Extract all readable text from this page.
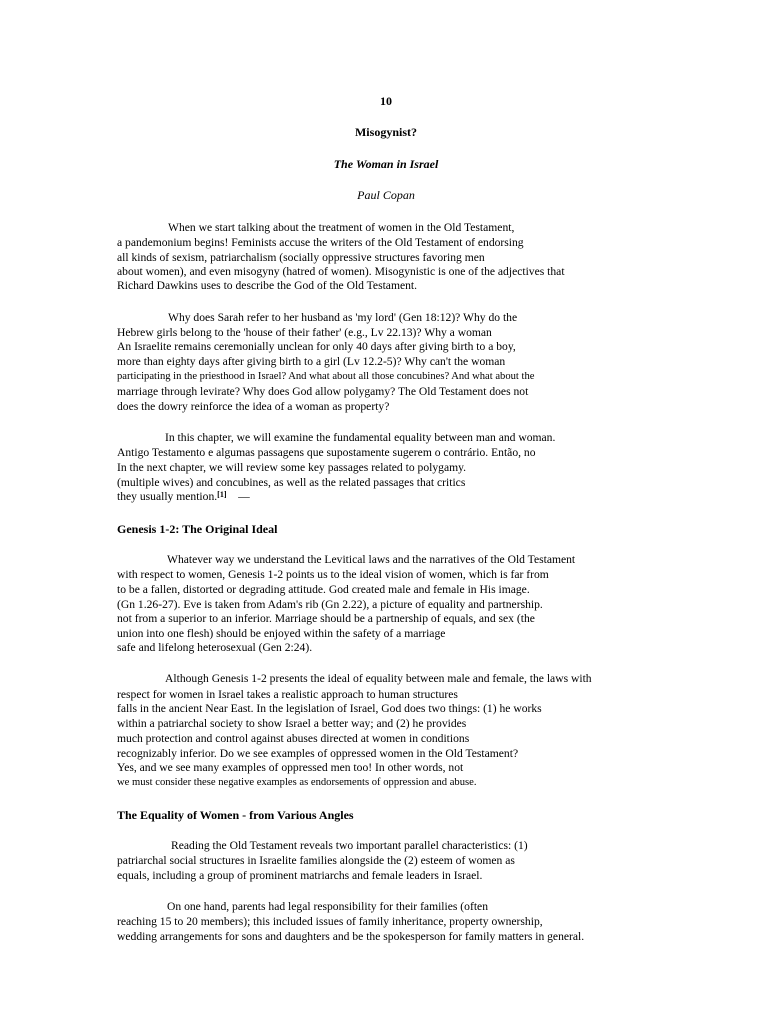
10
Misogynist?
The Woman in Israel
Paul Copan
When we start talking about the treatment of women in the Old Testament,
a pandemonium begins! Feminists accuse the writers of the Old Testament of endorsing
all kinds of sexism, patriarchalism (socially oppressive structures favoring men
about women), and even misogyny (hatred of women). Misogynistic is one of the adjectives that
Richard Dawkins uses to describe the God of the Old Testament.
Why does Sarah refer to her husband as 'my lord' (Gen 18:12)? Why do the
Hebrew girls belong to the 'house of their father' (e.g., Lv 22.13)? Why a woman
An Israelite remains ceremonially unclean for only 40 days after giving birth to a boy,
more than eighty days after giving birth to a girl (Lv 12.2-5)? Why can't the woman
participating in the priesthood in Israel? And what about all those concubines? And what about the
marriage through levirate? Why does God allow polygamy? The Old Testament does not
does the dowry reinforce the idea of a woman as property?
In this chapter, we will examine the fundamental equality between man and woman.
Antigo Testamento e algumas passagens que supostamente sugerem o contrário. Então, no
In the next chapter, we will review some key passages related to polygamy.
(multiple wives) and concubines, as well as the related passages that critics
they usually mention.[1] —
Genesis 1-2: The Original Ideal
Whatever way we understand the Levitical laws and the narratives of the Old Testament
with respect to women, Genesis 1-2 points us to the ideal vision of women, which is far from
to be a fallen, distorted or degrading attitude. God created male and female in His image.
(Gn 1.26-27). Eve is taken from Adam's rib (Gn 2.22), a picture of equality and partnership.
not from a superior to an inferior. Marriage should be a partnership of equals, and sex (the
union into one flesh) should be enjoyed within the safety of a marriage
safe and lifelong heterosexual (Gen 2:24).
Although Genesis 1-2 presents the ideal of equality between male and female, the laws with
respect for women in Israel takes a realistic approach to human structures
falls in the ancient Near East. In the legislation of Israel, God does two things: (1) he works
within a patriarchal society to show Israel a better way; and (2) he provides
much protection and control against abuses directed at women in conditions
recognizably inferior. Do we see examples of oppressed women in the Old Testament?
Yes, and we see many examples of oppressed men too! In other words, not
we must consider these negative examples as endorsements of oppression and abuse.
The Equality of Women - from Various Angles
Reading the Old Testament reveals two important parallel characteristics: (1)
patriarchal social structures in Israelite families alongside the (2) esteem of women as
equals, including a group of prominent matriarchs and female leaders in Israel.
On one hand, parents had legal responsibility for their families (often
reaching 15 to 20 members); this included issues of family inheritance, property ownership,
wedding arrangements for sons and daughters and be the spokesperson for family matters in general.
